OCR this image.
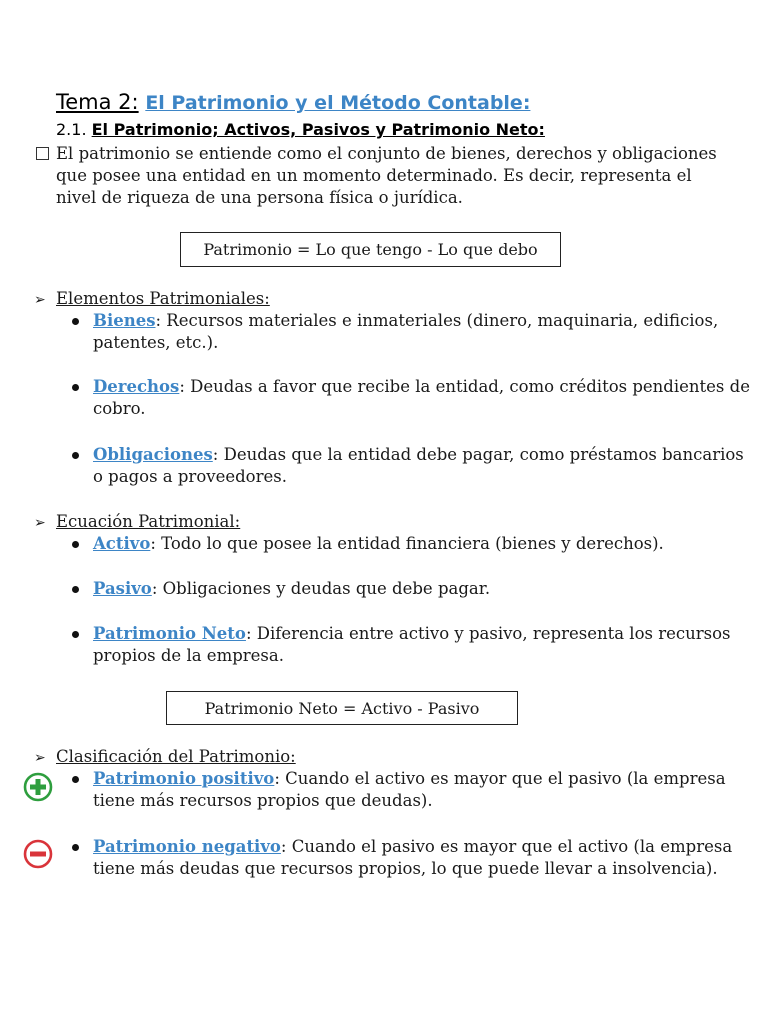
Tema 2: El Patrimonio y el Método Contable:
2.1. El Patrimonio; Activos, Pasivos y Patrimonio Neto:
El patrimonio se entiende como el conjunto de bienes, derechos y obligaciones que posee una entidad en un momento determinado. Es decir, representa el nivel de riqueza de una persona física o jurídica.
Patrimonio = Lo que tengo - Lo que debo
➢ Elementos Patrimoniales:
Bienes: Recursos materiales e inmateriales (dinero, maquinaria, edificios, patentes, etc.).
Derechos: Deudas a favor que recibe la entidad, como créditos pendientes de cobro.
Obligaciones: Deudas que la entidad debe pagar, como préstamos bancarios o pagos a proveedores.
➢ Ecuación Patrimonial:
Activo: Todo lo que posee la entidad financiera (bienes y derechos).
Pasivo: Obligaciones y deudas que debe pagar.
Patrimonio Neto: Diferencia entre activo y pasivo, representa los recursos propios de la empresa.
Patrimonio Neto = Activo - Pasivo
➢ Clasificación del Patrimonio:
Patrimonio positivo: Cuando el activo es mayor que el pasivo (la empresa tiene más recursos propios que deudas).
Patrimonio negativo: Cuando el pasivo es mayor que el activo (la empresa tiene más deudas que recursos propios, lo que puede llevar a insolvencia).
